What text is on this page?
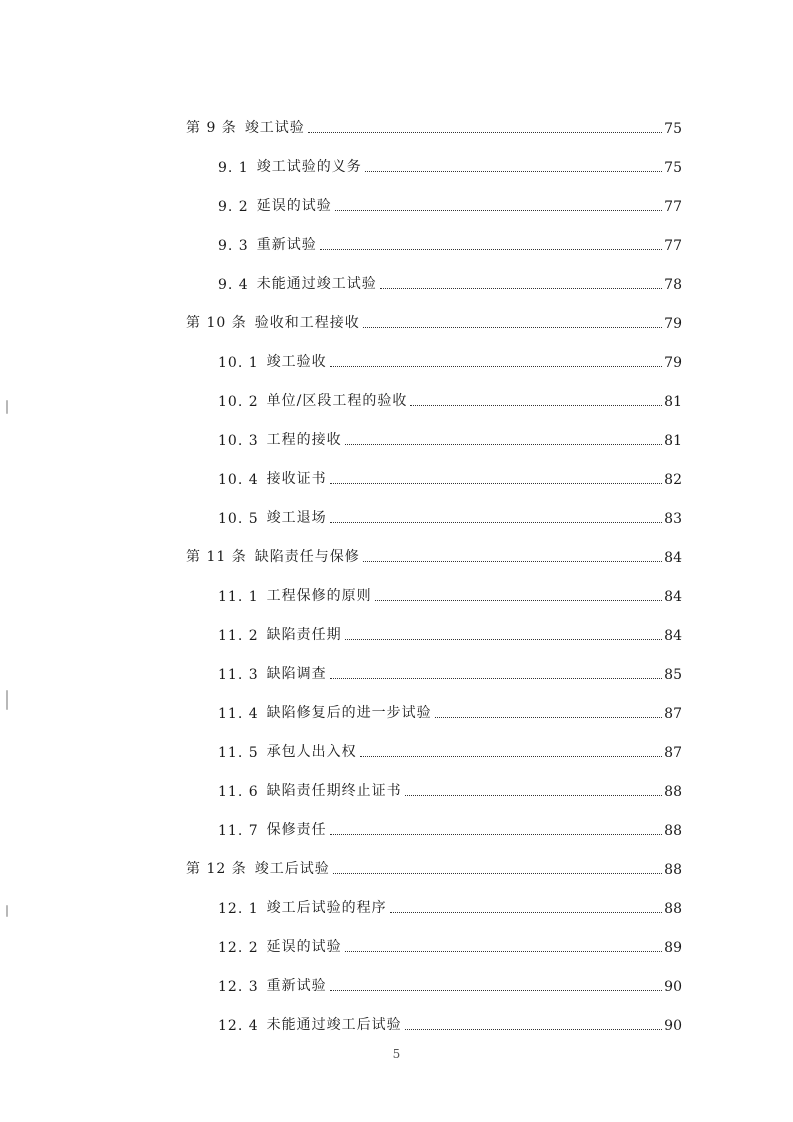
第 9 条 竣工试验	75
9. 1 竣工试验的义务	75
9. 2 延误的试验	77
9. 3 重新试验	77
9. 4 未能通过竣工试验	78
第 10 条 验收和工程接收	79
10. 1 竣工验收	79
10. 2 单位/区段工程的验收	81
10. 3 工程的接收	81
10. 4 接收证书	82
10. 5 竣工退场	83
第 11 条 缺陷责任与保修	84
11. 1 工程保修的原则	84
11. 2 缺陷责任期	84
11. 3 缺陷调查	85
11. 4 缺陷修复后的进一步试验	87
11. 5 承包人出入权	87
11. 6 缺陷责任期终止证书	88
11. 7 保修责任	88
第 12 条 竣工后试验	88
12. 1 竣工后试验的程序	88
12. 2 延误的试验	89
12. 3 重新试验	90
12. 4 未能通过竣工后试验	90
5
